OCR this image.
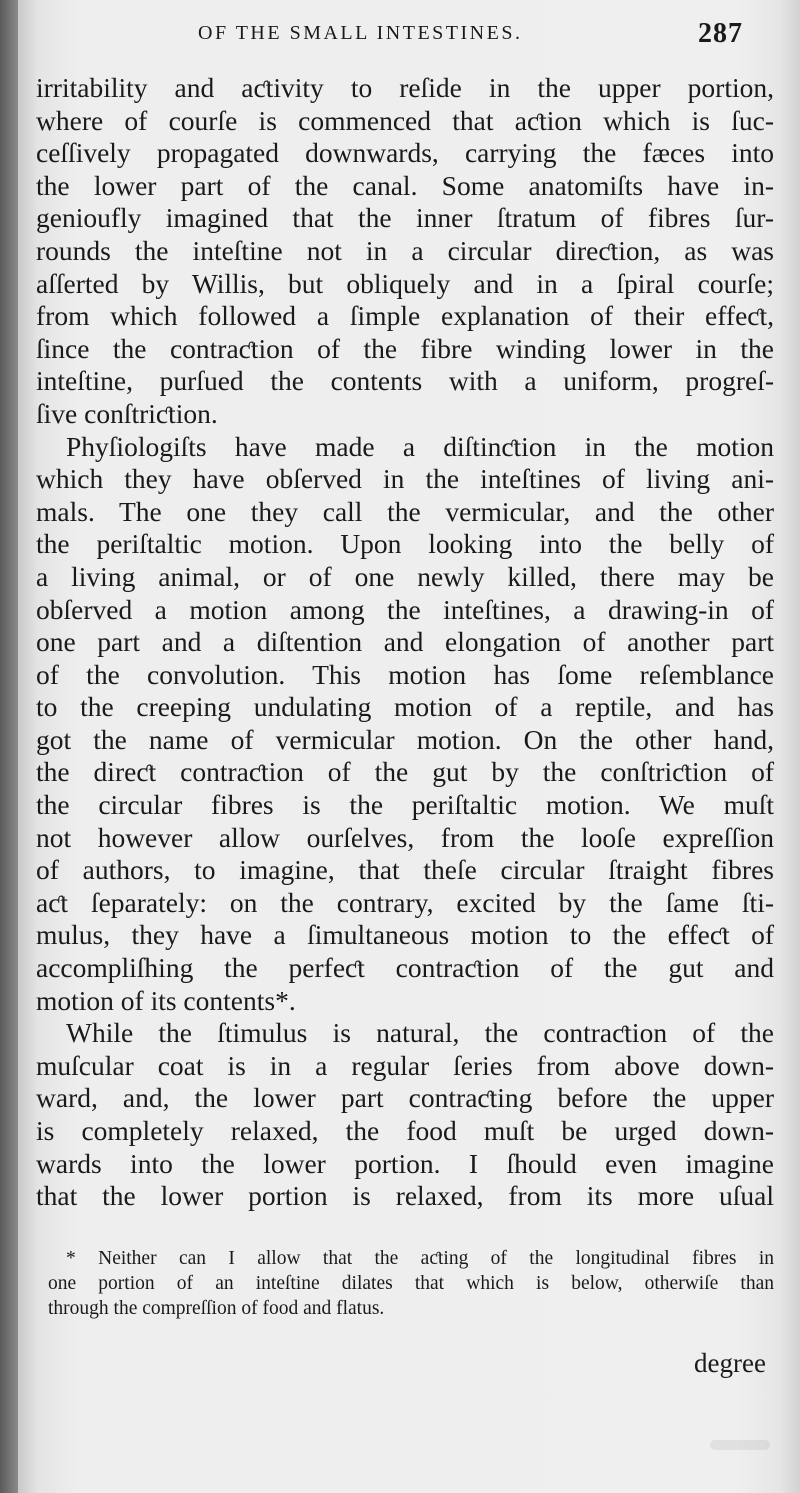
OF THE SMALL INTESTINES.	287

irritability and aƈtivity to reſide in the upper portion,
where of courſe is commenced that aƈtion which is ſuc-
ceſſively propagated downwards, carrying the fæces into
the lower part of the canal. Some anatomiſts have in-
genioufly imagined that the inner ſtratum of fibres ſur-
rounds the inteſtine not in a circular direƈtion, as was
aſſerted by Willis, but obliquely and in a ſpiral courſe;
from which followed a ſimple explanation of their effeƈt,
ſince the contraƈtion of the fibre winding lower in the
inteſtine, purſued the contents with a uniform, progreſ-
ſive conſtriƈtion.

Phyſiologiſts have made a diſtinƈtion in the motion
which they have obſerved in the inteſtines of living ani-
mals. The one they call the vermicular, and the other
the periſtaltic motion. Upon looking into the belly of
a living animal, or of one newly killed, there may be
obſerved a motion among the inteſtines, a drawing-in of
one part and a diſtention and elongation of another part
of the convolution. This motion has ſome reſemblance
to the creeping undulating motion of a reptile, and has
got the name of vermicular motion. On the other hand,
the direƈt contraƈtion of the gut by the conſtriƈtion of
the circular fibres is the periſtaltic motion. We muſt
not however allow ourſelves, from the looſe expreſſion
of authors, to imagine, that theſe circular ſtraight fibres
aƈt ſeparately: on the contrary, excited by the ſame ſti-
mulus, they have a ſimultaneous motion to the effeƈt of
accompliſhing the perfeƈt contraƈtion of the gut and
motion of its contents*.

While the ſtimulus is natural, the contraƈtion of the
muſcular coat is in a regular ſeries from above down-
ward, and, the lower part contraƈting before the upper
is completely relaxed, the food muſt be urged down-
wards into the lower portion. I ſhould even imagine
that the lower portion is relaxed, from its more uſual

* Neither can I allow that the aƈting of the longitudinal fibres in
one portion of an inteſtine dilates that which is below, otherwiſe than
through the compreſſion of food and flatus.
degree
